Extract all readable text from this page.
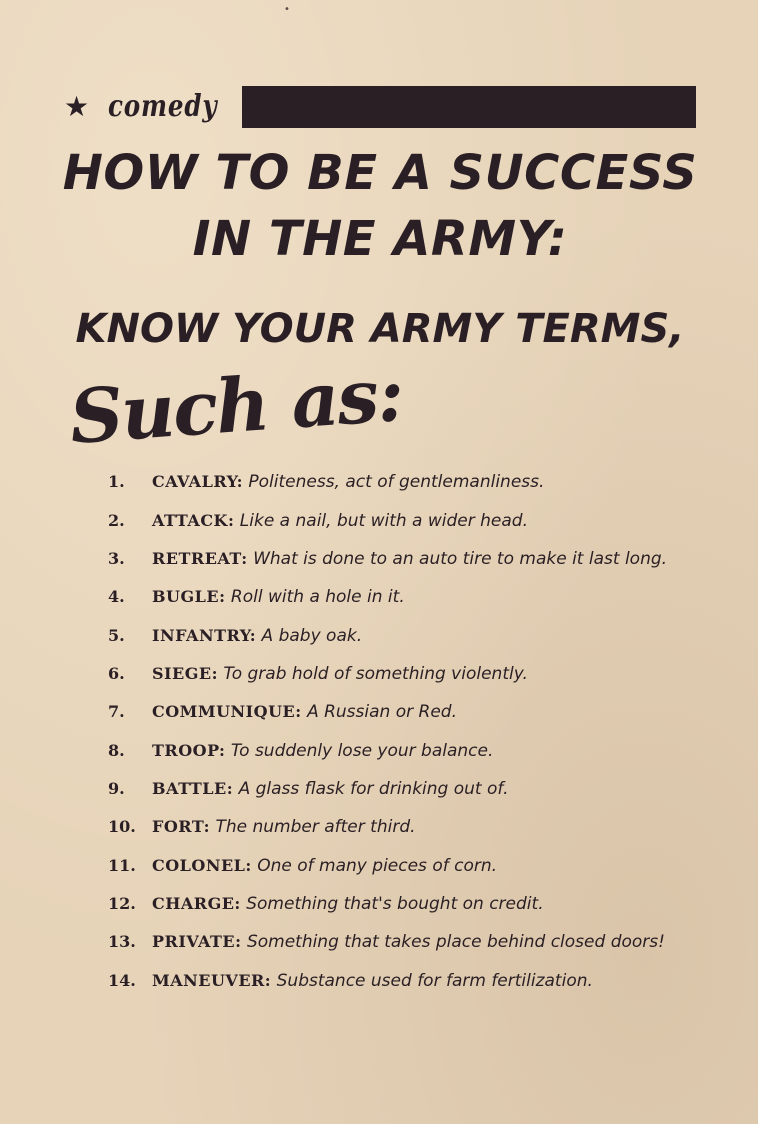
•
★ comedy
HOW TO BE A SUCCESS
IN THE ARMY:
KNOW YOUR ARMY TERMS,
Such as:
1.	CAVALRY: Politeness, act of gentlemanliness.
2.	ATTACK: Like a nail, but with a wider head.
3.	RETREAT: What is done to an auto tire to make it last long.
4.	BUGLE: Roll with a hole in it.
5.	INFANTRY: A baby oak.
6.	SIEGE: To grab hold of something violently.
7.	COMMUNIQUE: A Russian or Red.
8.	TROOP: To suddenly lose your balance.
9.	BATTLE: A glass flask for drinking out of.
10.	FORT: The number after third.
11.	COLONEL: One of many pieces of corn.
12.	CHARGE: Something that's bought on credit.
13.	PRIVATE: Something that takes place behind closed doors!
14.	MANEUVER: Substance used for farm fertilization.
